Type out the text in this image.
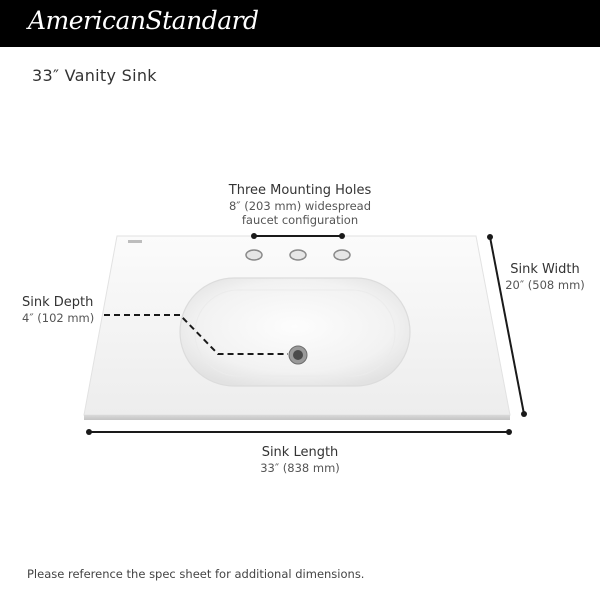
AmericanStandard
33″ Vanity Sink
Three Mounting Holes
8″ (203 mm) widespread
faucet configuration
Sink Width
20″ (508 mm)
Sink Depth
4″ (102 mm)
Sink Length
33″ (838 mm)
Please reference the spec sheet for additional dimensions.
